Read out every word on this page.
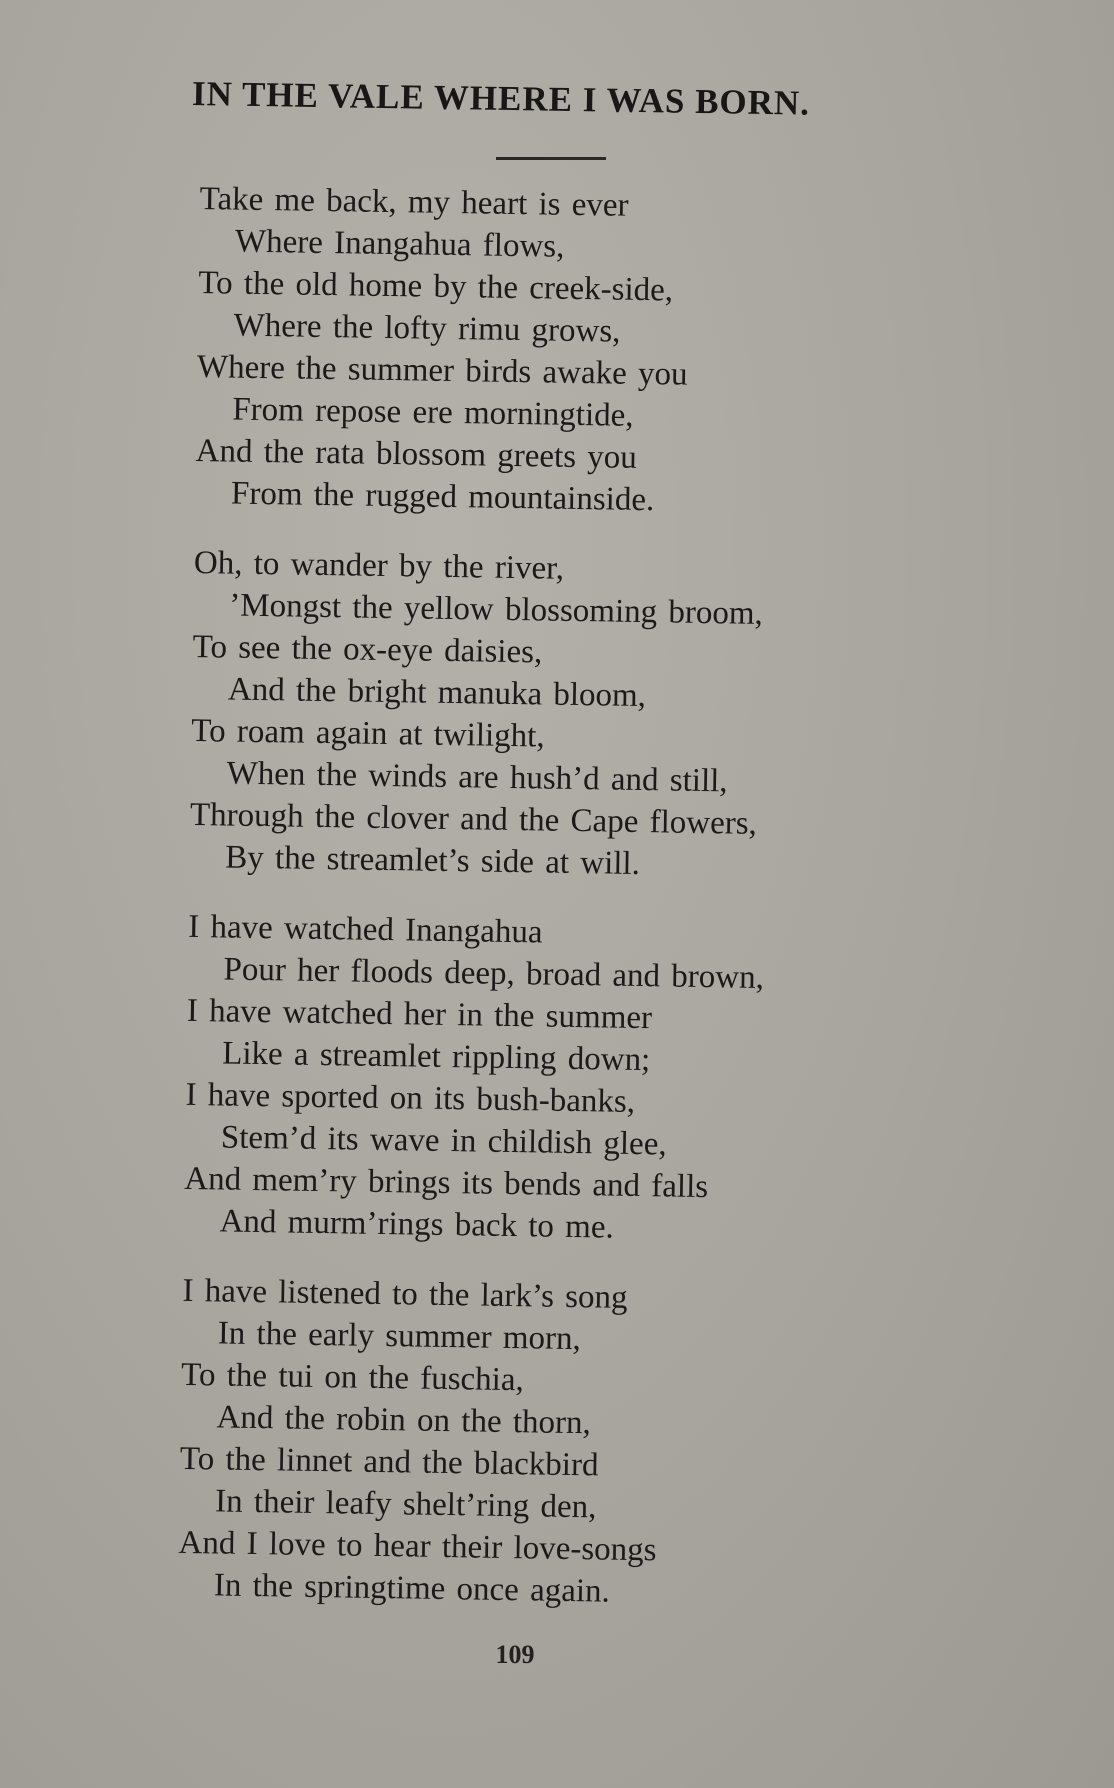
IN THE VALE WHERE I WAS BORN.
Take me back, my heart is ever
Where Inangahua flows,
To the old home by the creek-side,
Where the lofty rimu grows,
Where the summer birds awake you
From repose ere morningtide,
And the rata blossom greets you
From the rugged mountainside.
Oh, to wander by the river,
’Mongst the yellow blossoming broom,
To see the ox-eye daisies,
And the bright manuka bloom,
To roam again at twilight,
When the winds are hush’d and still,
Through the clover and the Cape flowers,
By the streamlet’s side at will.
I have watched Inangahua
Pour her floods deep, broad and brown,
I have watched her in the summer
Like a streamlet rippling down;
I have sported on its bush-banks,
Stem’d its wave in childish glee,
And mem’ry brings its bends and falls
And murm’rings back to me.
I have listened to the lark’s song
In the early summer morn,
To the tui on the fuschia,
And the robin on the thorn,
To the linnet and the blackbird
In their leafy shelt’ring den,
And I love to hear their love-songs
In the springtime once again.
109
